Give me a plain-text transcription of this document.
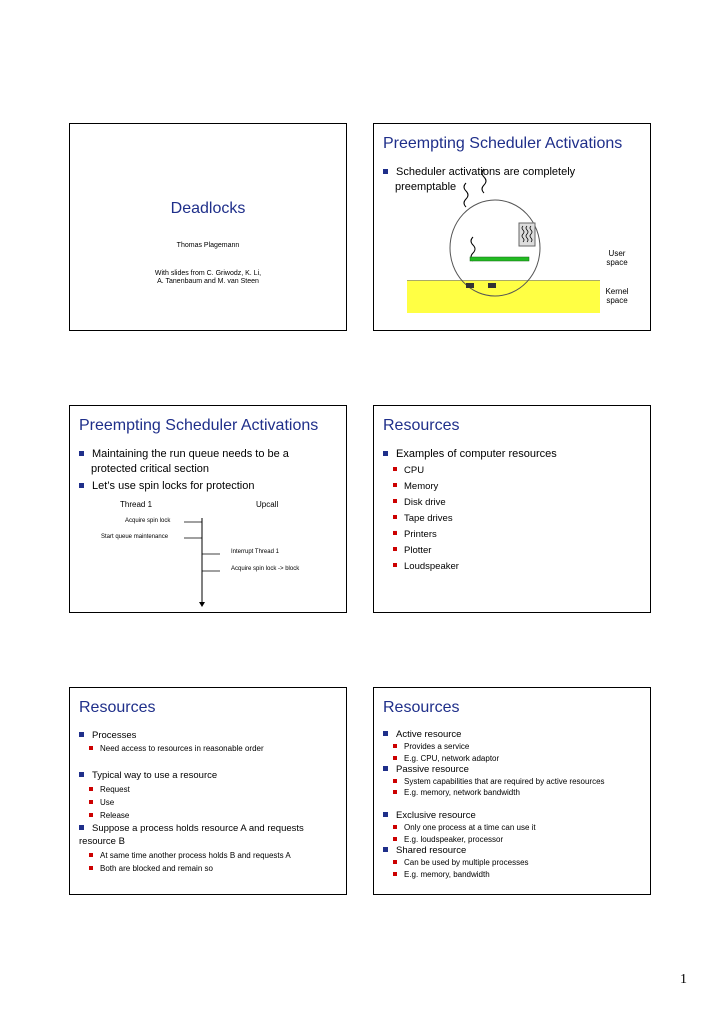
Deadlocks
Thomas Plagemann
With slides from C. Griwodz, K. Li,
A. Tanenbaum and M. van Steen
Preempting Scheduler Activations
Scheduler activations are completely
preemptable
User
space
Kernel
space
Preempting Scheduler Activations
Maintaining the run queue needs to be a
protected critical section
Let’s use spin locks for protection
Thread 1	Upcall
Acquire spin lock
Start queue maintenance
Interrupt Thread 1
Acquire spin lock -> block
Resources
Examples of computer resources
CPU
Memory
Disk drive
Tape drives
Printers
Plotter
Loudspeaker
Resources
Processes
Need access to resources in reasonable order
Typical way to use a resource
Request
Use
Release
Suppose a process holds resource A and requests
resource B
At same time another process holds B and requests A
Both are blocked and remain so
Resources
Active resource
Provides a service
E.g. CPU, network adaptor
Passive resource
System capabilities that are required by active resources
E.g. memory, network bandwidth
Exclusive resource
Only one process at a time can use it
E.g. loudspeaker, processor
Shared resource
Can be used by multiple processes
E.g. memory, bandwidth
1
